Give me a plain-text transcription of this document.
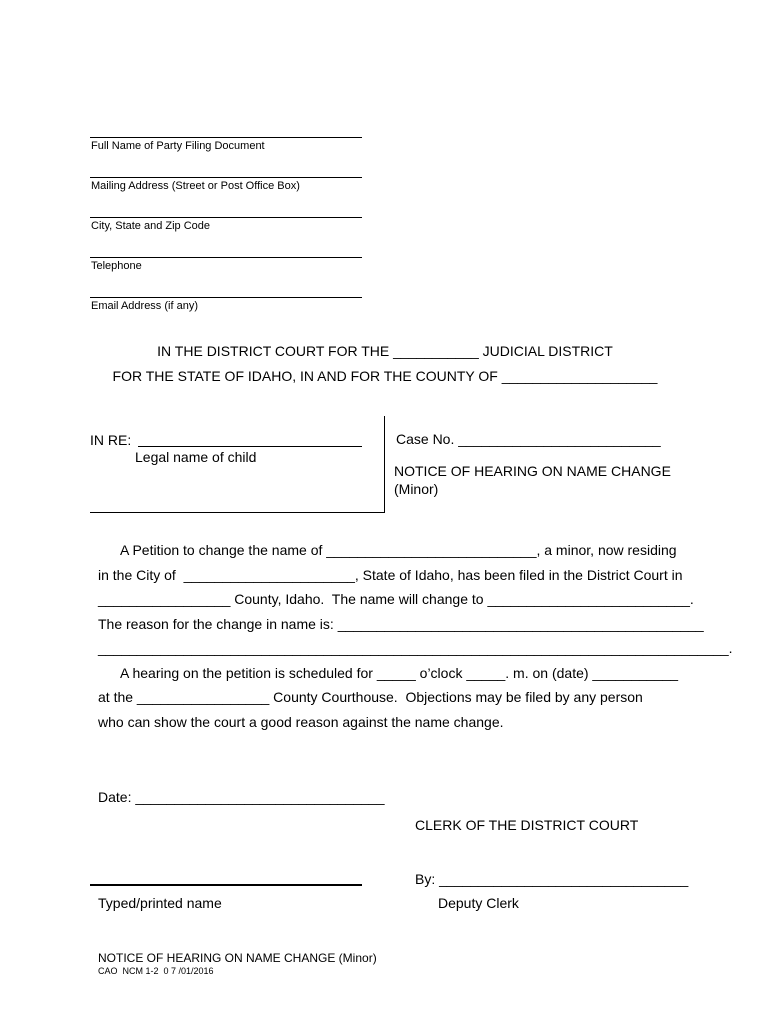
Full Name of Party Filing Document
Mailing Address (Street or Post Office Box)
City, State and Zip Code
Telephone
Email Address (if any)
IN THE DISTRICT COURT FOR THE ___________ JUDICIAL DISTRICT
FOR THE STATE OF IDAHO, IN AND FOR THE COUNTY OF ____________________
IN RE:
Legal name of child
Case No. __________________________
NOTICE OF HEARING ON NAME CHANGE
(Minor)
A Petition to change the name of ___________________________, a minor, now residing
in the City of  ______________________, State of Idaho, has been filed in the District Court in
_________________ County, Idaho.  The name will change to __________________________.
The reason for the change in name is: _______________________________________________
_________________________________________________________________________________.
A hearing on the petition is scheduled for _____ o’clock _____. m. on (date) ___________
at the _________________ County Courthouse.  Objections may be filed by any person
who can show the court a good reason against the name change.
Date: ________________________________
CLERK OF THE DISTRICT COURT
By: ________________________________
Typed/printed name	Deputy Clerk
NOTICE OF HEARING ON NAME CHANGE (Minor)
CAO  NCM 1-2  0 7 /01/2016
